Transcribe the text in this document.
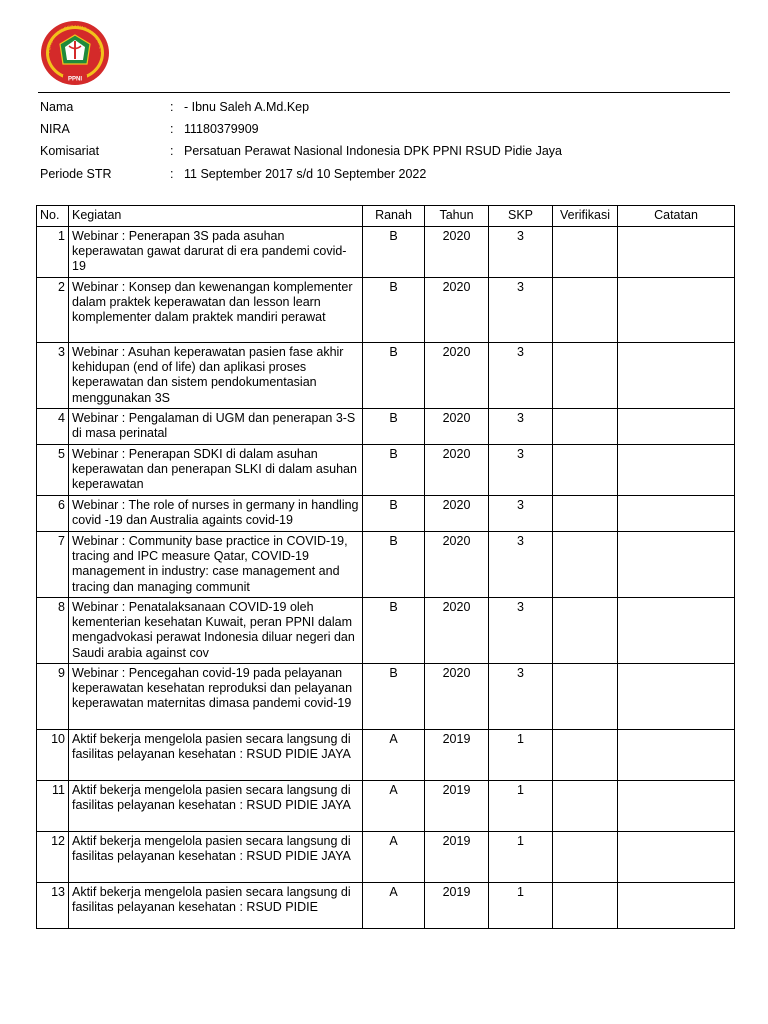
PERSATUAN PERAWAT NASIONAL I
PPNI
Nama	:	- Ibnu Saleh A.Md.Kep
NIRA	:	11180379909
Komisariat	:	Persatuan Perawat Nasional Indonesia DPK PPNI RSUD Pidie Jaya
Periode STR	:	11 September 2017 s/d 10 September 2022
No.	Kegiatan	Ranah	Tahun	SKP	Verifikasi	Catatan
1	Webinar : Penerapan 3S pada asuhan keperawatan gawat darurat di era pandemi covid-19	B	2020	3		
2	Webinar : Konsep dan kewenangan komplementer dalam praktek keperawatan dan lesson learn komplementer dalam praktek mandiri perawat	B	2020	3		
3	Webinar : Asuhan keperawatan pasien fase akhir kehidupan (end of life) dan aplikasi proses keperawatan dan sistem pendokumentasian menggunakan 3S	B	2020	3		
4	Webinar : Pengalaman di UGM dan penerapan 3-S di masa perinatal	B	2020	3		
5	Webinar : Penerapan SDKI di dalam asuhan keperawatan dan penerapan SLKI di dalam asuhan keperawatan	B	2020	3		
6	Webinar : The role of nurses in germany in handling covid -19 dan Australia againts covid-19	B	2020	3		
7	Webinar : Community base practice in COVID-19, tracing and IPC measure Qatar, COVID-19 management in industry: case management and tracing dan managing communit	B	2020	3		
8	Webinar : Penatalaksanaan COVID-19 oleh kementerian kesehatan Kuwait, peran PPNI dalam mengadvokasi perawat Indonesia diluar negeri dan Saudi arabia against cov	B	2020	3		
9	Webinar : Pencegahan covid-19 pada pelayanan keperawatan kesehatan reproduksi dan pelayanan keperawatan maternitas dimasa pandemi covid-19	B	2020	3		
10	Aktif bekerja mengelola pasien secara langsung di fasilitas pelayanan kesehatan : RSUD PIDIE JAYA	A	2019	1		
11	Aktif bekerja mengelola pasien secara langsung di fasilitas pelayanan kesehatan : RSUD PIDIE JAYA	A	2019	1		
12	Aktif bekerja mengelola pasien secara langsung di fasilitas pelayanan kesehatan : RSUD PIDIE JAYA	A	2019	1		
13	Aktif bekerja mengelola pasien secara langsung di fasilitas pelayanan kesehatan : RSUD PIDIE	A	2019	1		
